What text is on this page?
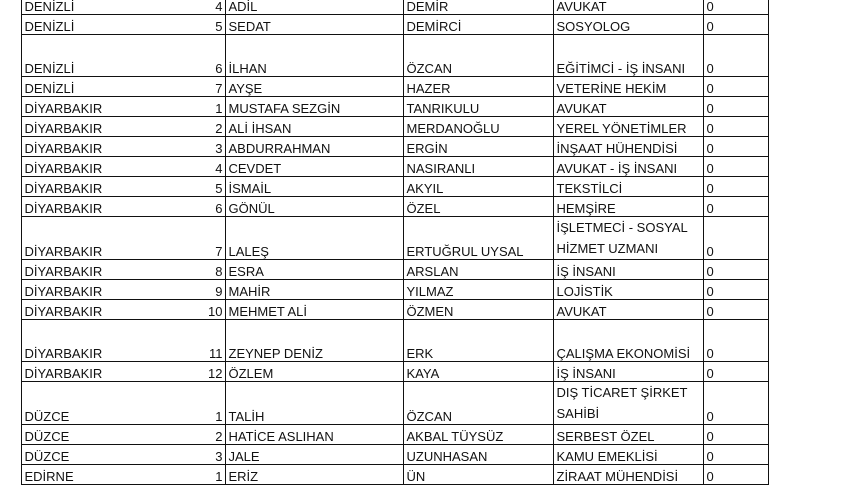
	DENİZLİ 4	ADİL	DEMİR	AVUKAT	0
	DENİZLİ 5	SEDAT	DEMİRCİ	SOSYOLOG	0
	DENİZLİ 6	İLHAN	ÖZCAN	EĞİTİMCİ - İŞ İNSANI	0
	DENİZLİ 7	AYŞE	HAZER	VETERİNE HEKİM	0
	DİYARBAKIR 1	MUSTAFA SEZGİN	TANRIKULU	AVUKAT	0
	DİYARBAKIR 2	ALİ İHSAN	MERDANOĞLU	YEREL YÖNETİMLER	0
	DİYARBAKIR 3	ABDURRAHMAN	ERGİN	İNŞAAT HÜHENDİSİ	0
	DİYARBAKIR 4	CEVDET	NASIRANLI	AVUKAT - İŞ İNSANI	0
	DİYARBAKIR 5	İSMAİL	AKYIL	TEKSTİLCİ	0
	DİYARBAKIR 6	GÖNÜL	ÖZEL	HEMŞİRE	0
	DİYARBAKIR 7	LALEŞ	ERTUĞRUL UYSAL	İŞLETMECİ - SOSYAL HİZMET UZMANI	0
	DİYARBAKIR 8	ESRA	ARSLAN	İŞ İNSANI	0
	DİYARBAKIR 9	MAHİR	YILMAZ	LOJİSTİK	0
	DİYARBAKIR 10	MEHMET ALİ	ÖZMEN	AVUKAT	0
	DİYARBAKIR 11	ZEYNEP DENİZ	ERK	ÇALIŞMA EKONOMİSİ	0
	DİYARBAKIR 12	ÖZLEM	KAYA	İŞ İNSANI	0
	DÜZCE 1	TALİH	ÖZCAN	DIŞ TİCARET ŞİRKET SAHİBİ	0
	DÜZCE 2	HATİCE ASLIHAN	AKBAL TÜYSÜZ	SERBEST ÖZEL	0
	DÜZCE 3	JALE	UZUNHASAN	KAMU EMEKLİSİ	0
	EDİRNE 1	ERİZ	ÜN	ZİRAAT MÜHENDİSİ	0
